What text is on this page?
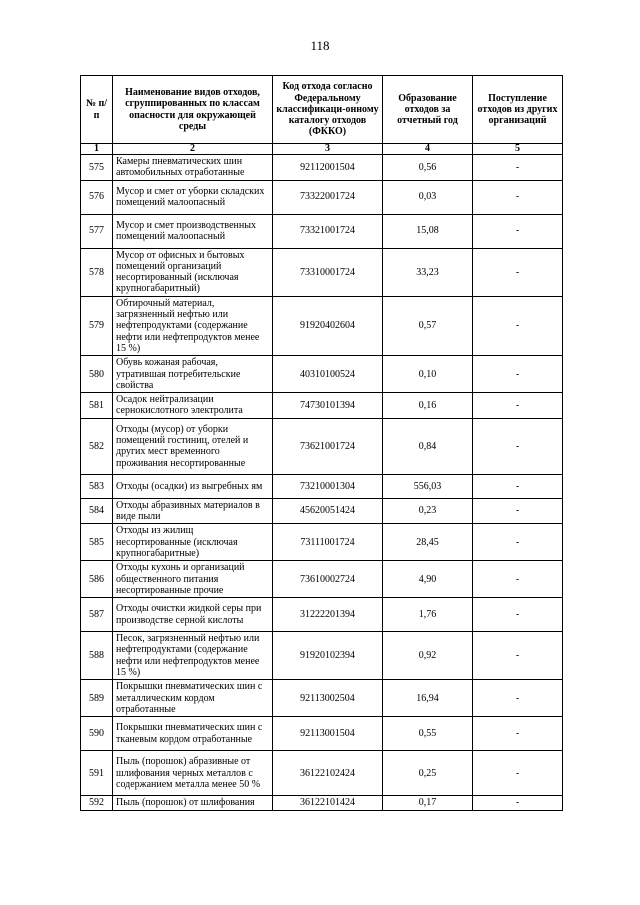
118
№ п/п	Наименование видов отходов, сгруппированных по классам опасности для окружающей среды	Код отхода согласно Федеральному классификаци-онному каталогу отходов (ФККО)	Образование отходов за отчетный год	Поступление отходов из других организаций
1	2	3	4	5
575	Камеры пневматических шин автомобильных отработанные	92112001504	0,56	-
576	Мусор и смет от уборки складских помещений малоопасный	73322001724	0,03	-
577	Мусор и смет производственных помещений малоопасный	73321001724	15,08	-
578	Мусор от офисных и бытовых помещений организаций несортированный (исключая крупногабаритный)	73310001724	33,23	-
579	Обтирочный материал, загрязненный нефтью или нефтепродуктами (содержание нефти или нефтепродуктов менее 15 %)	91920402604	0,57	-
580	Обувь кожаная рабочая, утратившая потребительские свойства	40310100524	0,10	-
581	Осадок нейтрализации сернокислотного электролита	74730101394	0,16	-
582	Отходы (мусор) от уборки помещений гостиниц, отелей и других мест временного проживания несортированные	73621001724	0,84	-
583	Отходы (осадки) из выгребных ям	73210001304	556,03	-
584	Отходы абразивных материалов в виде пыли	45620051424	0,23	-
585	Отходы из жилищ несортированные (исключая крупногабаритные)	73111001724	28,45	-
586	Отходы кухонь и организаций общественного питания несортированные прочие	73610002724	4,90	-
587	Отходы очистки жидкой серы при производстве серной кислоты	31222201394	1,76	-
588	Песок, загрязненный нефтью или нефтепродуктами (содержание нефти или нефтепродуктов менее 15 %)	91920102394	0,92	-
589	Покрышки пневматических шин с металлическим кордом отработанные	92113002504	16,94	-
590	Покрышки пневматических шин с тканевым кордом отработанные	92113001504	0,55	-
591	Пыль (порошок) абразивные от шлифования черных металлов с содержанием металла менее 50 %	36122102424	0,25	-
592	Пыль (порошок) от шлифования	36122101424	0,17	-
